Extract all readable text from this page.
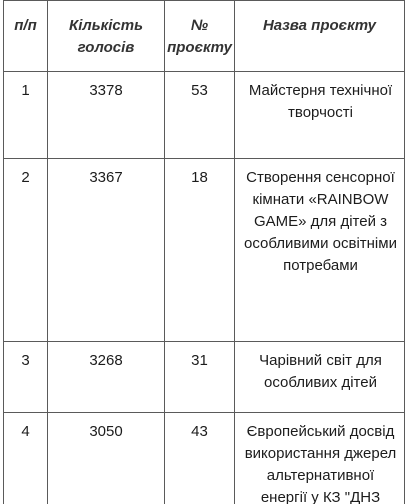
п/п	Кількість голосів	№ проєкту	Назва проєкту
1	3378	53	Майстерня технічної творчості
2	3367	18	Створення сенсорної кімнати «RAINBOW GAME» для дітей з особливими освітніми потребами
3	3268	31	Чарівний світ для особливих дітей
4	3050	43	Європейський досвід використання джерел альтернативної енергії у КЗ "ДНЗ
